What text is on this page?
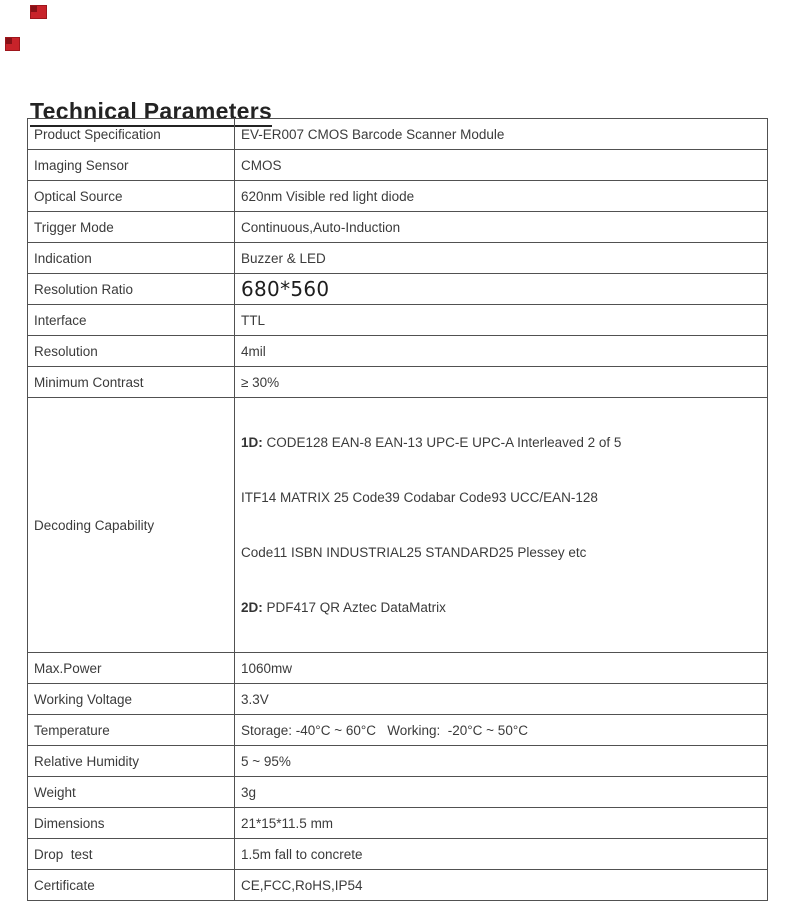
Technical Parameters
Product Specification	EV-ER007 CMOS Barcode Scanner Module
Imaging Sensor	CMOS
Optical Source	620nm Visible red light diode
Trigger Mode	Continuous,Auto-Induction
Indication	Buzzer & LED
Resolution Ratio	680*560
Interface	TTL
Resolution	4mil
Minimum Contrast	≥ 30%
Decoding Capability	1D: CODE128 EAN-8 EAN-13 UPC-E UPC-A Interleaved 2 of 5

ITF14 MATRIX 25 Code39 Codabar Code93 UCC/EAN-128

Code11 ISBN INDUSTRIAL25 STANDARD25 Plessey etc

2D: PDF417 QR Aztec DataMatrix

Max.Power	1060mw
Working Voltage	3.3V
Temperature	Storage: -40°C ~ 60°C   Working:  -20°C ~ 50°C
Relative Humidity	5 ~ 95%
Weight	3g
Dimensions	21*15*11.5 mm
Drop  test	1.5m fall to concrete
Certificate	CE,FCC,RoHS,IP54
